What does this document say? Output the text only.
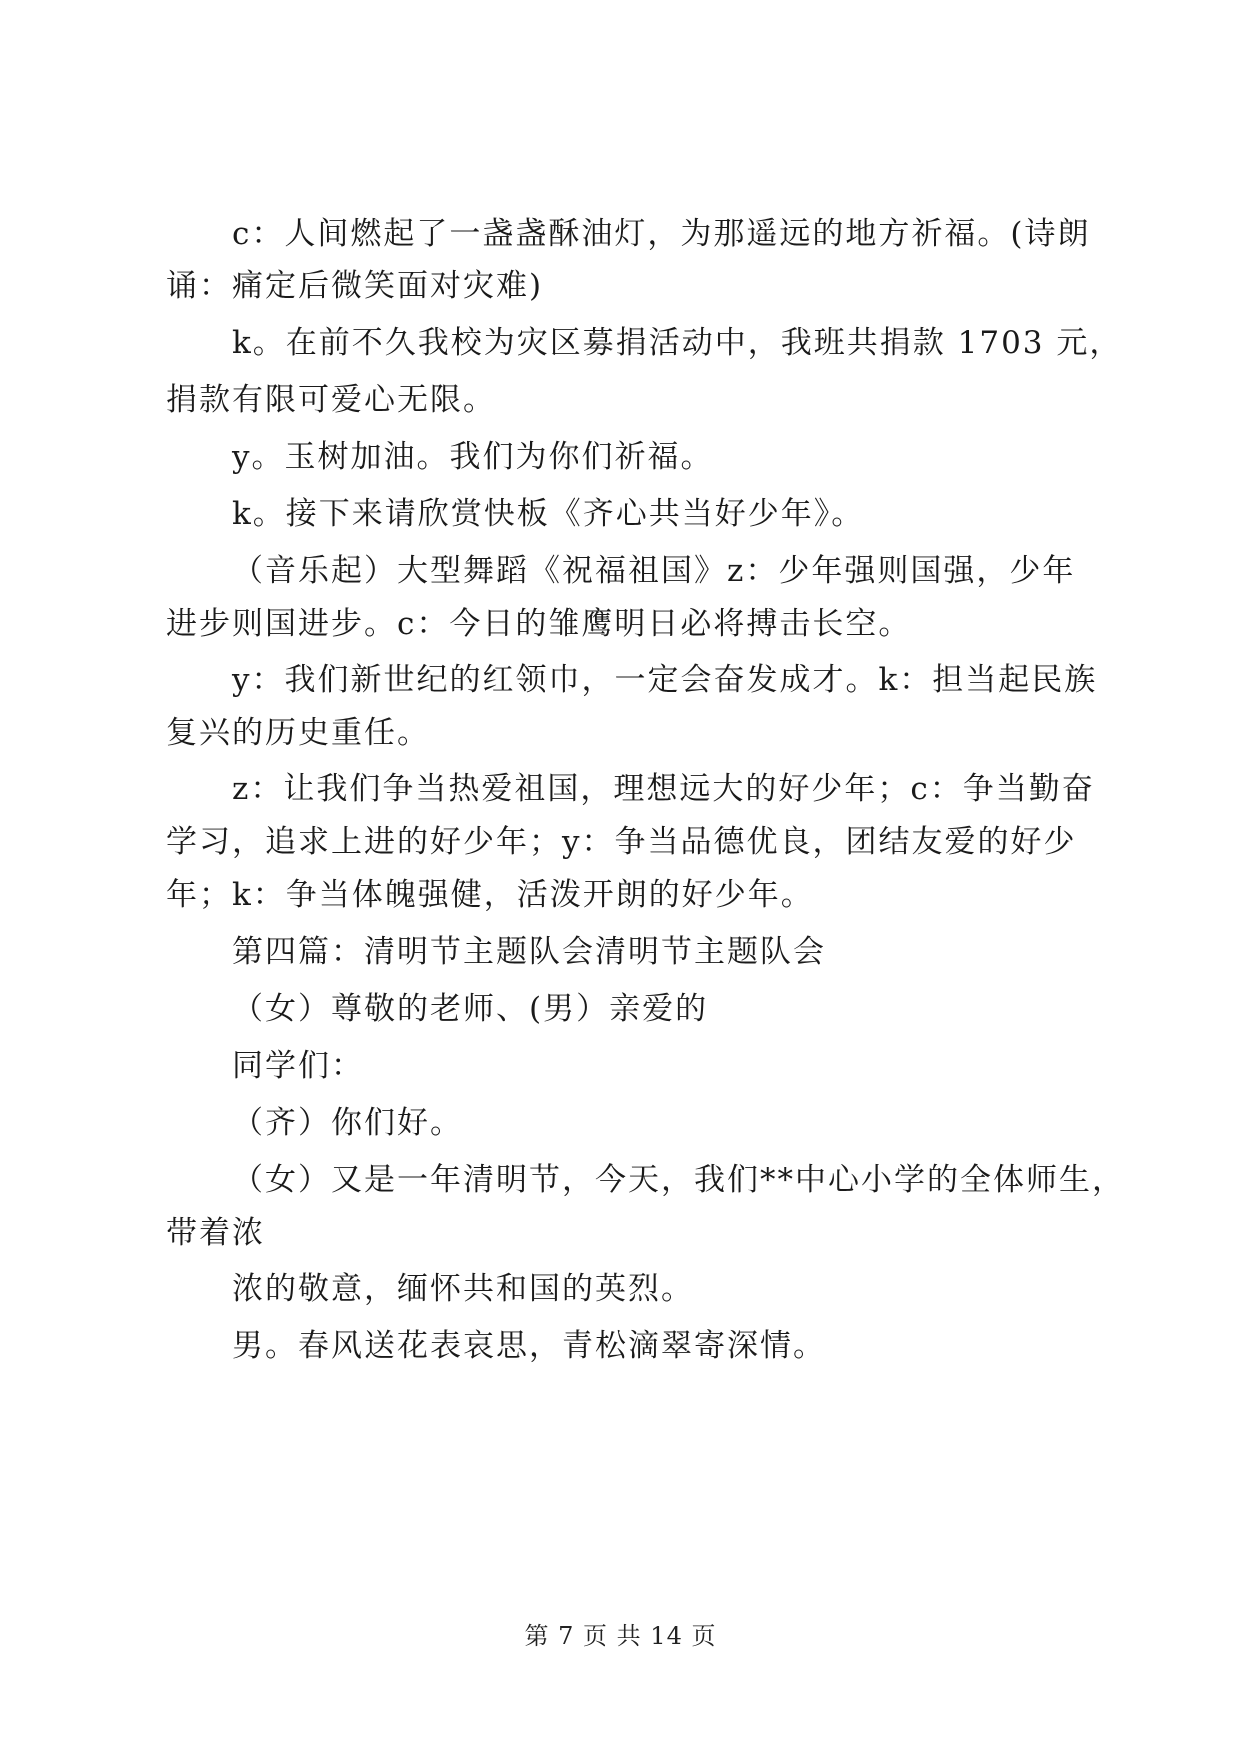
c：人间燃起了一盏盏酥油灯，为那遥远的地方祈福。(诗朗
诵：痛定后微笑面对灾难)
k。在前不久我校为灾区募捐活动中，我班共捐款 1703 元，
捐款有限可爱心无限。
y。玉树加油。我们为你们祈福。
k。接下来请欣赏快板《齐心共当好少年》。
（音乐起）大型舞蹈《祝福祖国》z：少年强则国强，少年
进步则国进步。c：今日的雏鹰明日必将搏击长空。
y：我们新世纪的红领巾，一定会奋发成才。k：担当起民族
复兴的历史重任。
z：让我们争当热爱祖国，理想远大的好少年；c：争当勤奋
学习，追求上进的好少年；y：争当品德优良，团结友爱的好少
年；k：争当体魄强健，活泼开朗的好少年。
第四篇：清明节主题队会清明节主题队会
（女）尊敬的老师、(男）亲爱的
同学们：
（齐）你们好。
（女）又是一年清明节，今天，我们**中心小学的全体师生，
带着浓
浓的敬意，缅怀共和国的英烈。
男。春风送花表哀思，青松滴翠寄深情。
第 7 页 共 14 页
